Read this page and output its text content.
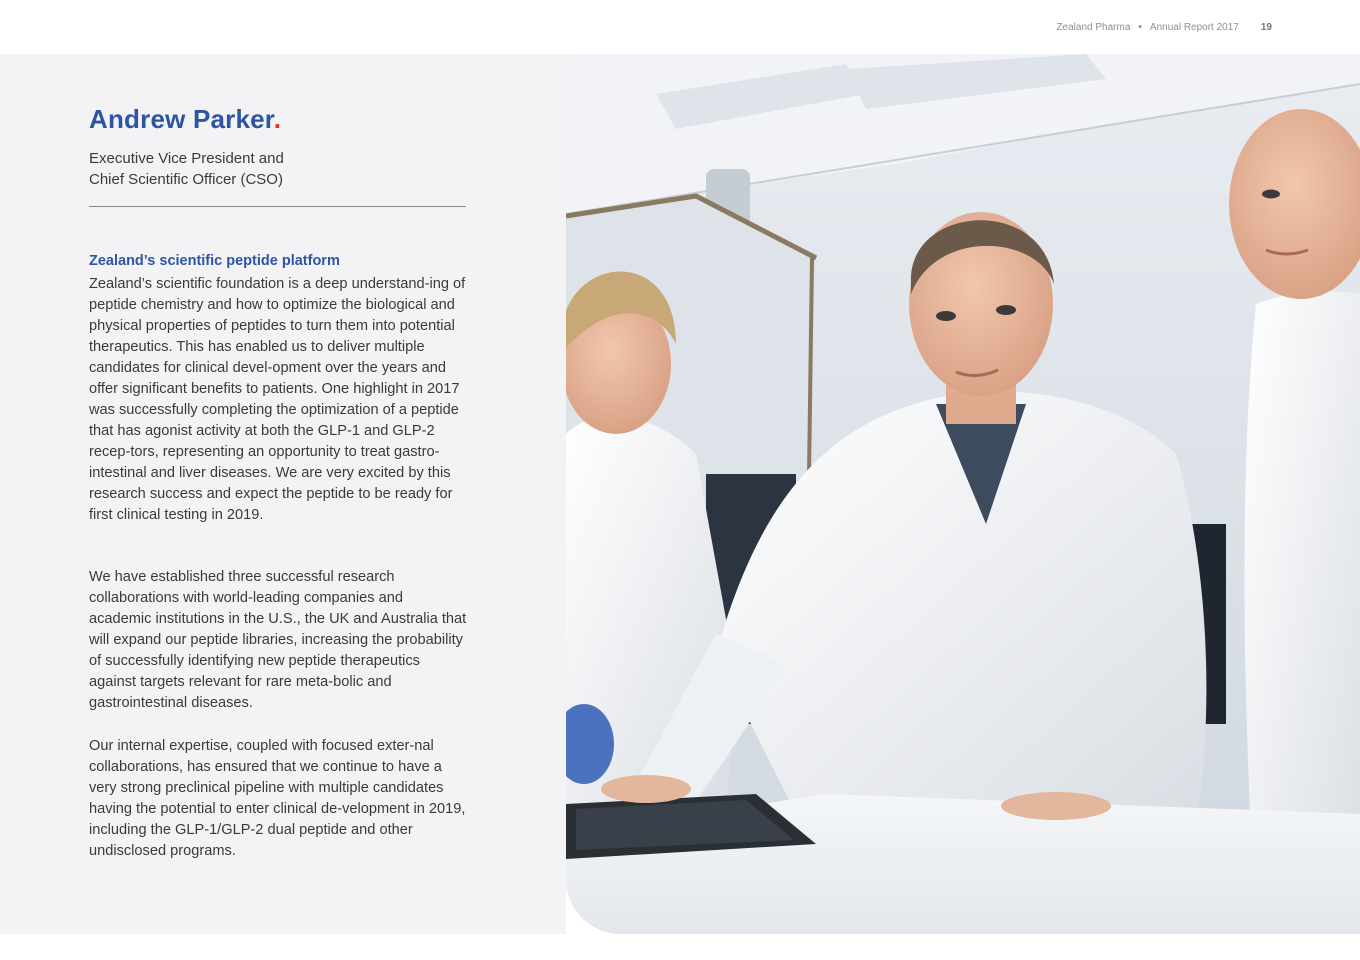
Zealand Pharma • Annual Report 2017 19
Andrew Parker.
Executive Vice President and
Chief Scientific Officer (CSO)
Zealand’s scientific peptide platform

Zealand’s scientific foundation is a deep understand-ing of peptide chemistry and how to optimize the biological and physical properties of peptides to turn them into potential therapeutics. This has enabled us to deliver multiple candidates for clinical devel-opment over the years and offer significant benefits to patients. One highlight in 2017 was successfully completing the optimization of a peptide that has agonist activity at both the GLP-1 and GLP-2 recep-tors, representing an opportunity to treat gastro-intestinal and liver diseases. We are very excited by this research success and expect the peptide to be ready for first clinical testing in 2019.

We have established three successful research collaborations with world-leading companies and academic institutions in the U.S., the UK and Australia that will expand our peptide libraries, increasing the probability of successfully identifying new peptide therapeutics against targets relevant for rare meta-bolic and gastrointestinal diseases.

Our internal expertise, coupled with focused exter-nal collaborations, has ensured that we continue to have a very strong preclinical pipeline with multiple candidates having the potential to enter clinical de-velopment in 2019, including the GLP-1/GLP-2 dual peptide and other undisclosed programs.
